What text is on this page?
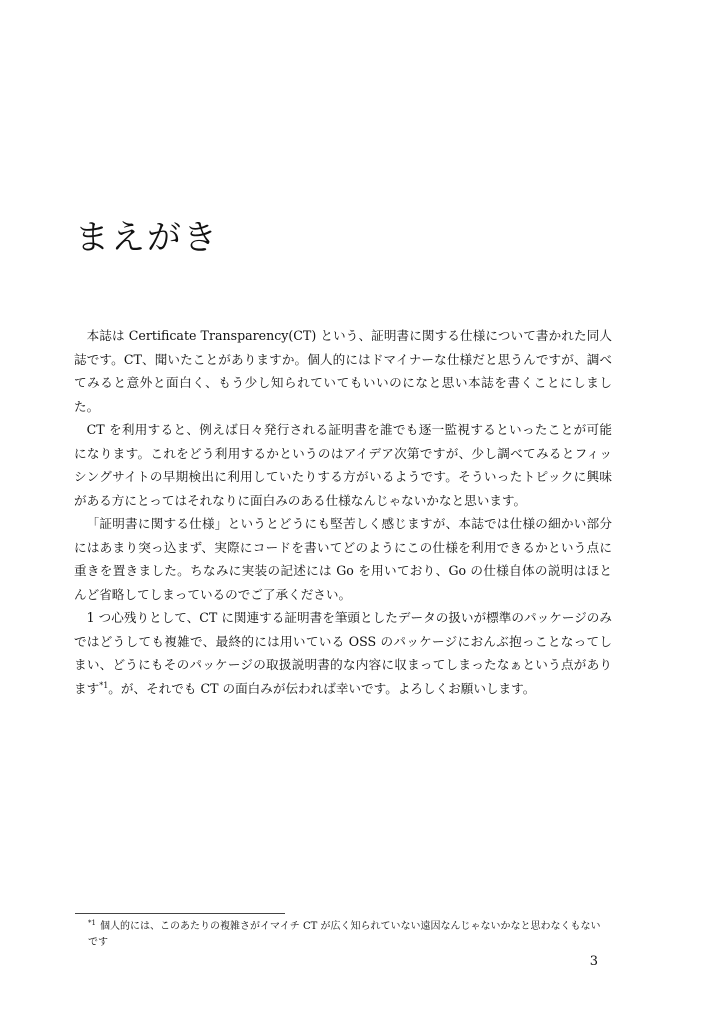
まえがき

本誌は Certificate Transparency(CT) という、証明書に関する仕様について書かれた同人誌です。CT、聞いたことがありますか。個人的にはドマイナーな仕様だと思うんですが、調べてみると意外と面白く、もう少し知られていてもいいのになと思い本誌を書くことにしました。

CT を利用すると、例えば日々発行される証明書を誰でも逐一監視するといったことが可能になります。これをどう利用するかというのはアイデア次第ですが、少し調べてみるとフィッシングサイトの早期検出に利用していたりする方がいるようです。そういったトピックに興味がある方にとってはそれなりに面白みのある仕様なんじゃないかなと思います。

「証明書に関する仕様」というとどうにも堅苦しく感じますが、本誌では仕様の細かい部分にはあまり突っ込まず、実際にコードを書いてどのようにこの仕様を利用できるかという点に重きを置きました。ちなみに実装の記述には Go を用いており、Go の仕様自体の説明はほとんど省略してしまっているのでご了承ください。

1 つ心残りとして、CT に関連する証明書を筆頭としたデータの扱いが標準のパッケージのみではどうしても複雑で、最終的には用いている OSS のパッケージにおんぶ抱っことなってしまい、どうにもそのパッケージの取扱説明書的な内容に収まってしまったなぁという点があります$^{*1}$。が、それでも CT の面白みが伝われば幸いです。よろしくお願いします。

$^{*1}$ 個人的には、このあたりの複雑さがイマイチ CT が広く知られていない遠因なんじゃないかなと思わなくもないです

3
